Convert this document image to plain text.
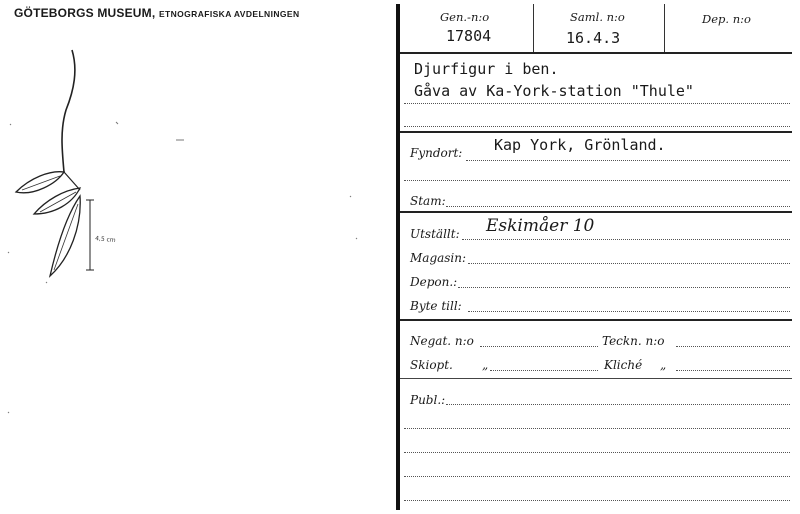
GÖTEBORGS MUSEUM, ETNOGRAFISKA AVDELNINGEN
4,5 cm
Gen.-n:o
17804
Saml. n:o
16.4.3
Dep. n:o
Djurfigur i ben.
Gåva av Ka-York-station "Thule"
Fyndort: Kap York, Grönland.
Stam:
Utställt: Eskimåer 10
Magasin:
Depon.:
Byte till:
Negat. n:o	Teckn. n:o
Skiopt. „	Kliché „
Publ.:
